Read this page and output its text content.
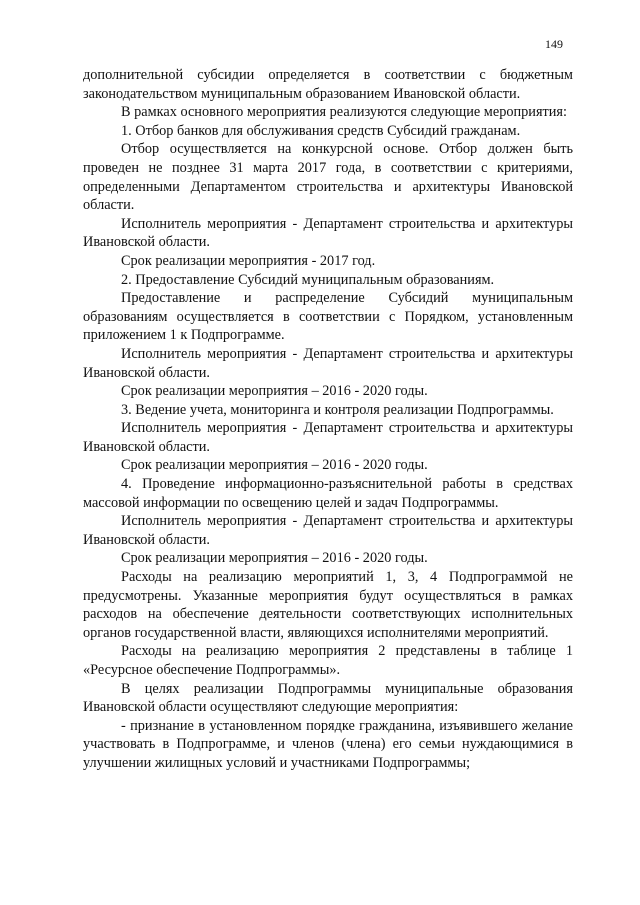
149

дополнительной субсидии определяется в соответствии с бюджетным законодательством муниципальным образованием Ивановской области.

В рамках основного мероприятия реализуются следующие мероприятия:

1. Отбор банков для обслуживания средств Субсидий гражданам.

Отбор осуществляется на конкурсной основе. Отбор должен быть проведен не позднее 31 марта 2017 года, в соответствии с критериями, определенными Департаментом строительства и архитектуры Ивановской области.

Исполнитель мероприятия - Департамент строительства и архитектуры Ивановской области.

Срок реализации мероприятия - 2017 год.

2. Предоставление Субсидий муниципальным образованиям.

Предоставление и распределение Субсидий муниципальным образованиям осуществляется в соответствии с Порядком, установленным приложением 1 к Подпрограмме.

Исполнитель мероприятия - Департамент строительства и архитектуры Ивановской области.

Срок реализации мероприятия – 2016 - 2020 годы.

3. Ведение учета, мониторинга и контроля реализации Подпрограммы.

Исполнитель мероприятия - Департамент строительства и архитектуры Ивановской области.

Срок реализации мероприятия – 2016 - 2020 годы.

4. Проведение информационно-разъяснительной работы в средствах массовой информации по освещению целей и задач Подпрограммы.

Исполнитель мероприятия - Департамент строительства и архитектуры Ивановской области.

Срок реализации мероприятия – 2016 - 2020 годы.

Расходы на реализацию мероприятий 1, 3, 4 Подпрограммой не предусмотрены. Указанные мероприятия будут осуществляться в рамках расходов на обеспечение деятельности соответствующих исполнительных органов государственной власти, являющихся исполнителями мероприятий.

Расходы на реализацию мероприятия 2 представлены в таблице 1 «Ресурсное обеспечение Подпрограммы».

В целях реализации Подпрограммы муниципальные образования Ивановской области осуществляют следующие мероприятия:

- признание в установленном порядке гражданина, изъявившего желание участвовать в Подпрограмме, и членов (члена) его семьи нуждающимися в улучшении жилищных условий и участниками Подпрограммы;
